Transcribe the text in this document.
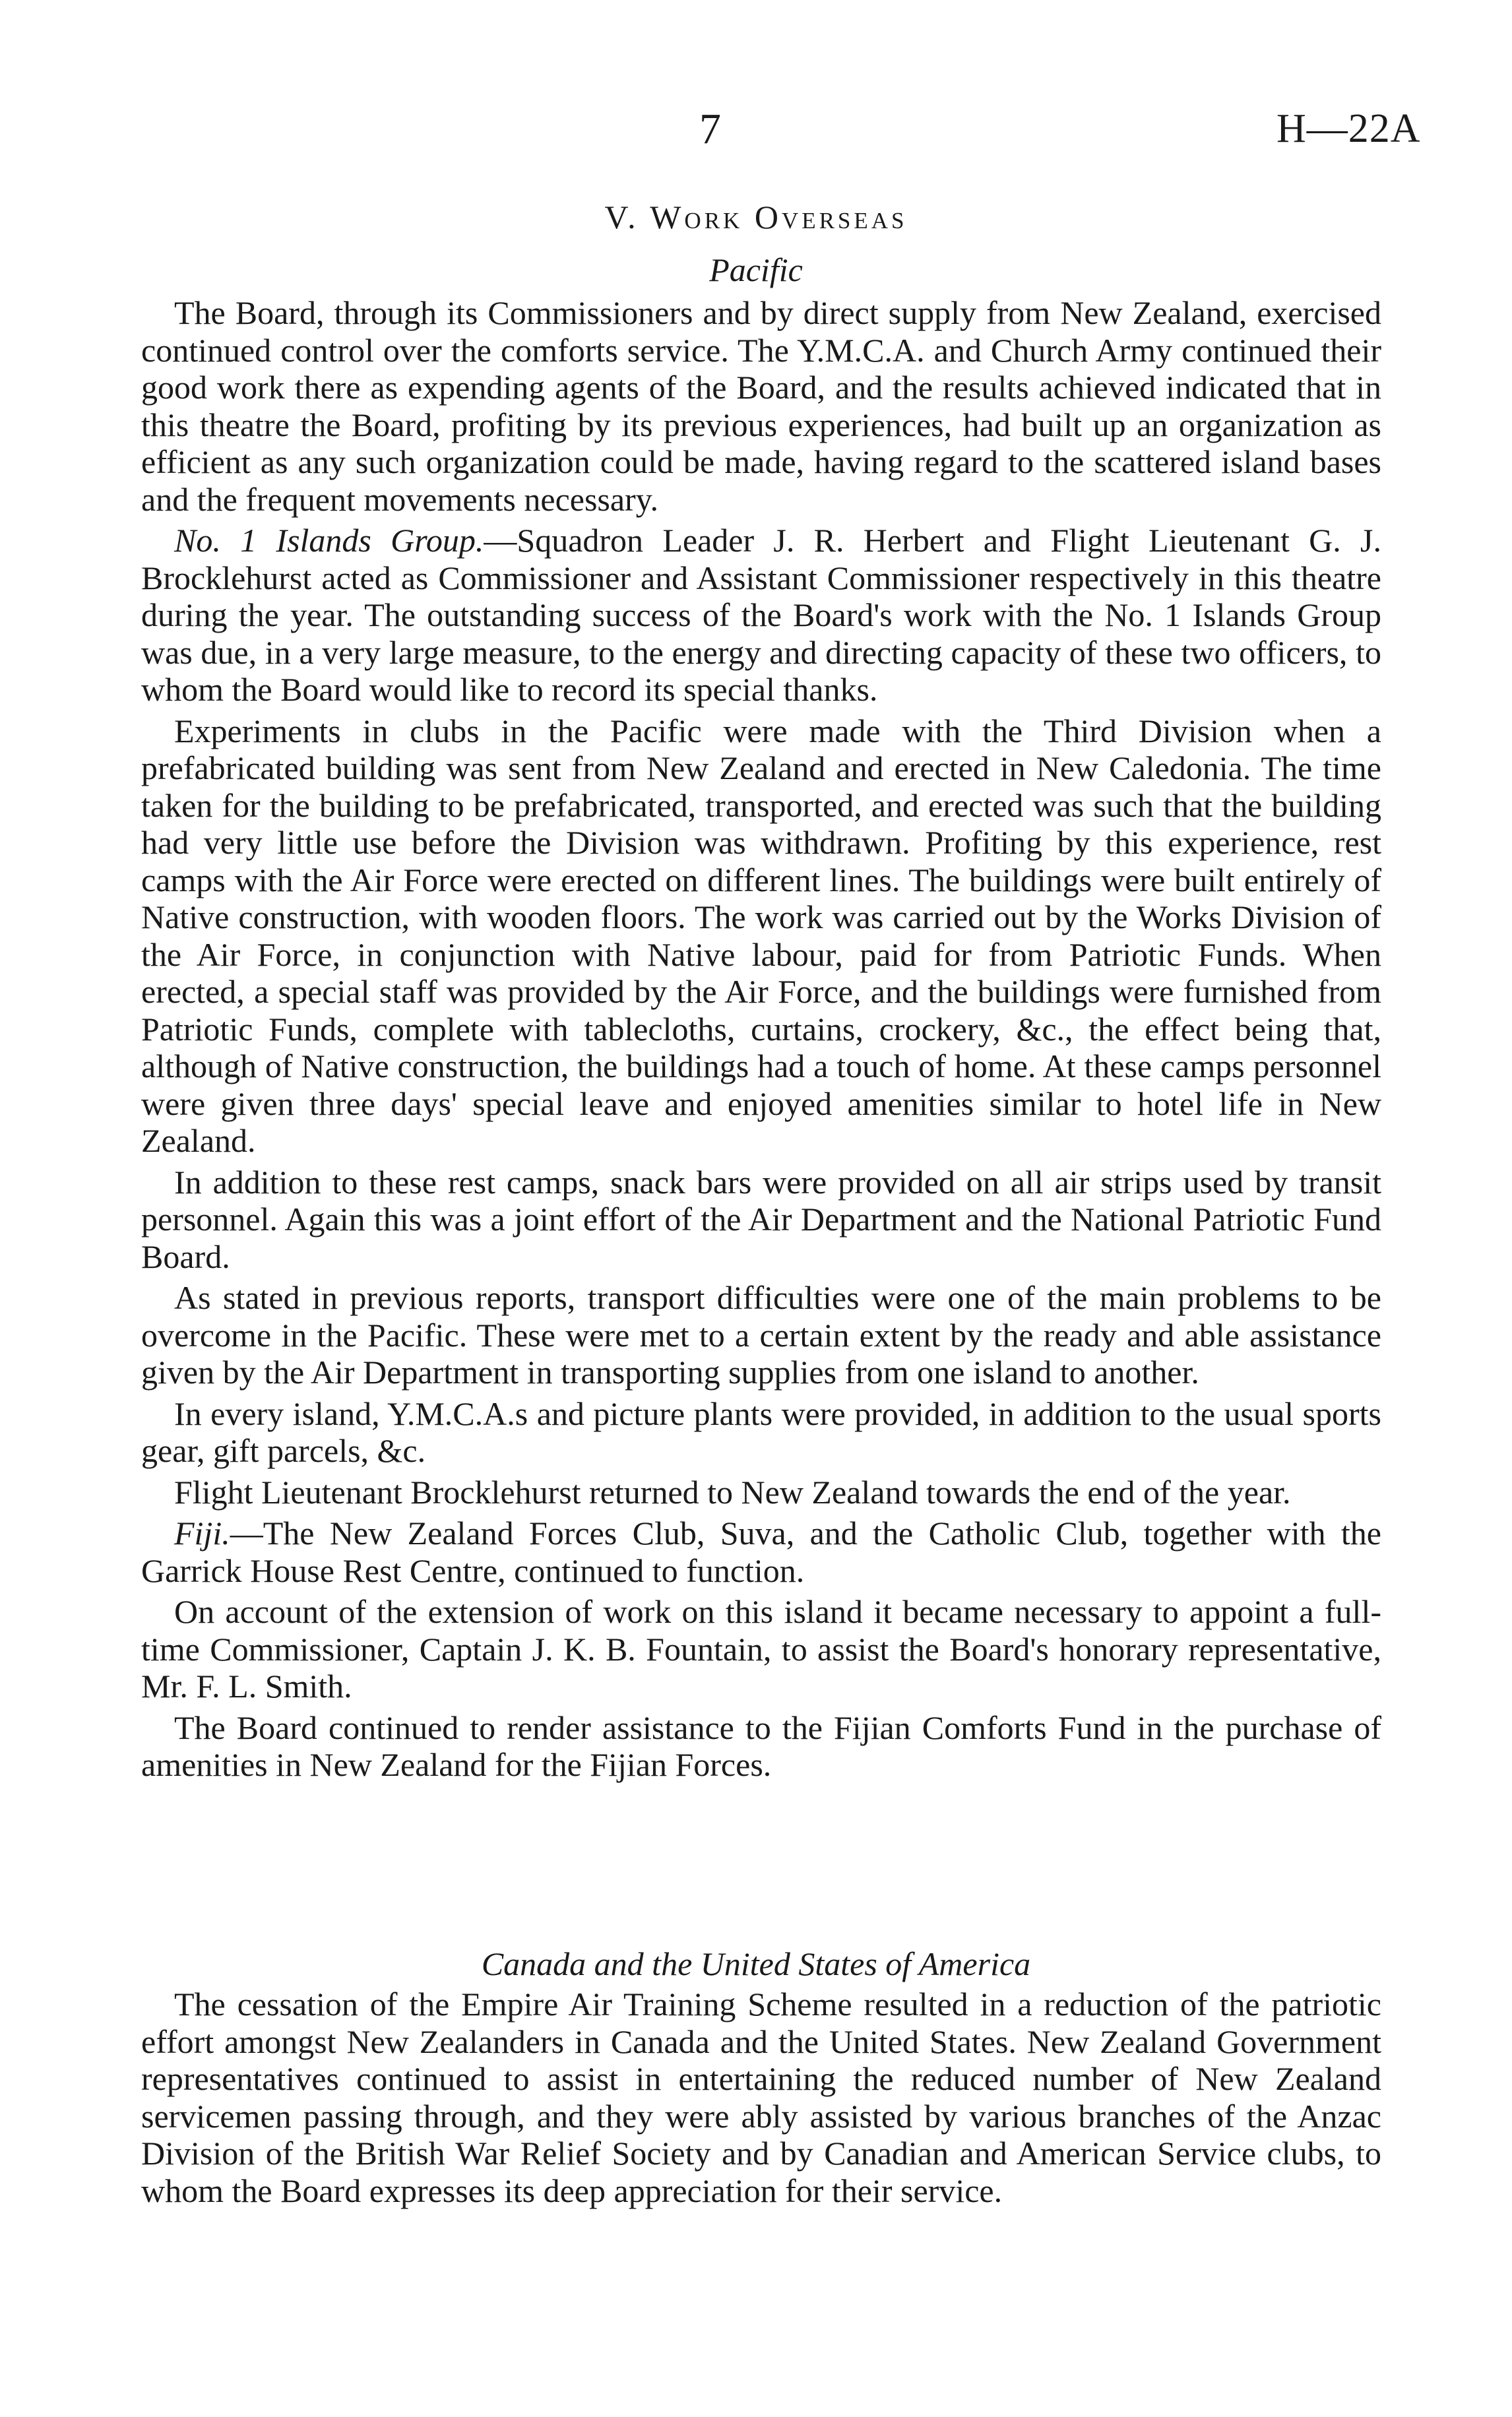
7	H—22A
V. Work Overseas
Pacific

The Board, through its Commissioners and by direct supply from New Zealand, exercised continued control over the comforts service. The Y.M.C.A. and Church Army continued their good work there as expending agents of the Board, and the results achieved indicated that in this theatre the Board, profiting by its previous experiences, had built up an organization as efficient as any such organization could be made, having regard to the scattered island bases and the frequent movements necessary.

No. 1 Islands Group.—Squadron Leader J. R. Herbert and Flight Lieutenant G. J. Brocklehurst acted as Commissioner and Assistant Commissioner respectively in this theatre during the year. The outstanding success of the Board's work with the No. 1 Islands Group was due, in a very large measure, to the energy and directing capacity of these two officers, to whom the Board would like to record its special thanks.

Experiments in clubs in the Pacific were made with the Third Division when a prefabricated building was sent from New Zealand and erected in New Caledonia. The time taken for the building to be prefabricated, transported, and erected was such that the building had very little use before the Division was withdrawn. Profiting by this experience, rest camps with the Air Force were erected on different lines. The buildings were built entirely of Native construction, with wooden floors. The work was carried out by the Works Division of the Air Force, in conjunction with Native labour, paid for from Patriotic Funds. When erected, a special staff was provided by the Air Force, and the buildings were furnished from Patriotic Funds, complete with tablecloths, curtains, crockery, &c., the effect being that, although of Native construction, the buildings had a touch of home. At these camps personnel were given three days' special leave and enjoyed amenities similar to hotel life in New Zealand.

In addition to these rest camps, snack bars were provided on all air strips used by transit personnel. Again this was a joint effort of the Air Department and the National Patriotic Fund Board.

As stated in previous reports, transport difficulties were one of the main problems to be overcome in the Pacific. These were met to a certain extent by the ready and able assistance given by the Air Department in transporting supplies from one island to another.

In every island, Y.M.C.A.s and picture plants were provided, in addition to the usual sports gear, gift parcels, &c.

Flight Lieutenant Brocklehurst returned to New Zealand towards the end of the year.

Fiji.—The New Zealand Forces Club, Suva, and the Catholic Club, together with the Garrick House Rest Centre, continued to function.

On account of the extension of work on this island it became necessary to appoint a full-time Commissioner, Captain J. K. B. Fountain, to assist the Board's honorary representative, Mr. F. L. Smith.

The Board continued to render assistance to the Fijian Comforts Fund in the purchase of amenities in New Zealand for the Fijian Forces.

Canada and the United States of America

The cessation of the Empire Air Training Scheme resulted in a reduction of the patriotic effort amongst New Zealanders in Canada and the United States. New Zealand Government representatives continued to assist in entertaining the reduced number of New Zealand servicemen passing through, and they were ably assisted by various branches of the Anzac Division of the British War Relief Society and by Canadian and American Service clubs, to whom the Board expresses its deep appreciation for their service.
